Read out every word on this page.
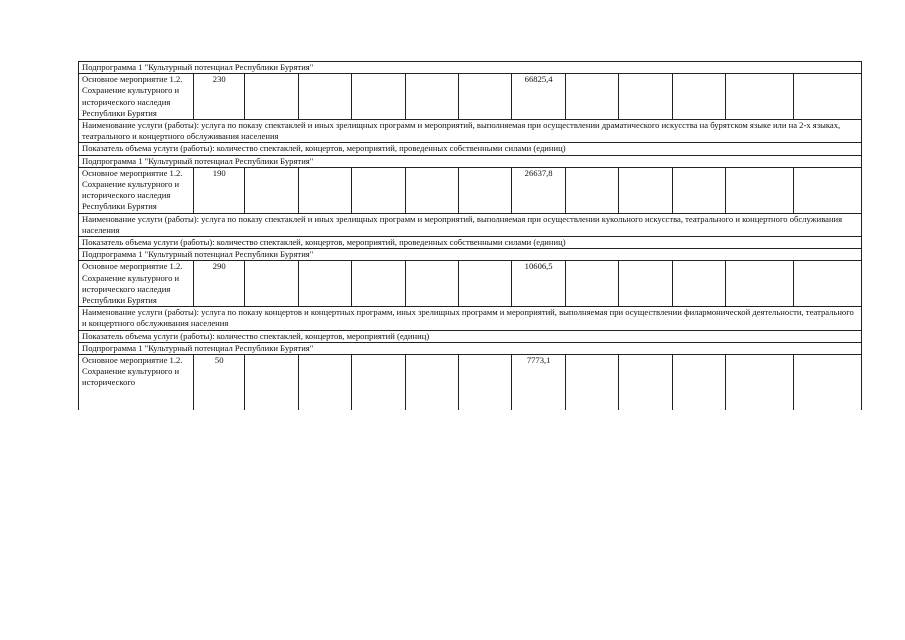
Подпрограмма 1 "Культурный потенциал Республики Бурятия"												
Основное мероприятие 1.2. Сохранение культурного и исторического наследия Республики Бурятия	230						66825,4					
Наименование услуги (работы): услуга по показу спектаклей и иных зрелищных программ и мероприятий, выполняемая при осуществлении драматического искусства на бурятском языке или на 2-х языках, театрального и концертного обслуживания населения												
Показатель объема услуги (работы): количество спектаклей, концертов, мероприятий, проведенных собственными силами (единиц)												
Подпрограмма 1 "Культурный потенциал Республики Бурятия"												
Основное мероприятие 1.2. Сохранение культурного и исторического наследия Республики Бурятия	190						26637,8					
Наименование услуги (работы): услуга по показу спектаклей и иных зрелищных программ и мероприятий, выполняемая при осуществлении кукольного искусства, театрального и концертного обслуживания населения												
Показатель объема услуги (работы): количество спектаклей, концертов, мероприятий, проведенных собственными силами (единиц)												
Подпрограмма 1 "Культурный потенциал Республики Бурятия"												
Основное мероприятие 1.2. Сохранение культурного и исторического наследия Республики Бурятия	290						10606,5					
Наименование услуги (работы): услуга по показу концертов и концертных программ, иных зрелищных программ и мероприятий, выполняемая при осуществлении филармонической деятельности, театрального и концертного обслуживания населения												
Показатель объема услуги (работы): количество спектаклей, концертов, мероприятий (единиц)												
Подпрограмма 1 "Культурный потенциал Республики Бурятия"												

Основное мероприятие 1.2. Сохранение культурного и исторического	50						7773,1					
